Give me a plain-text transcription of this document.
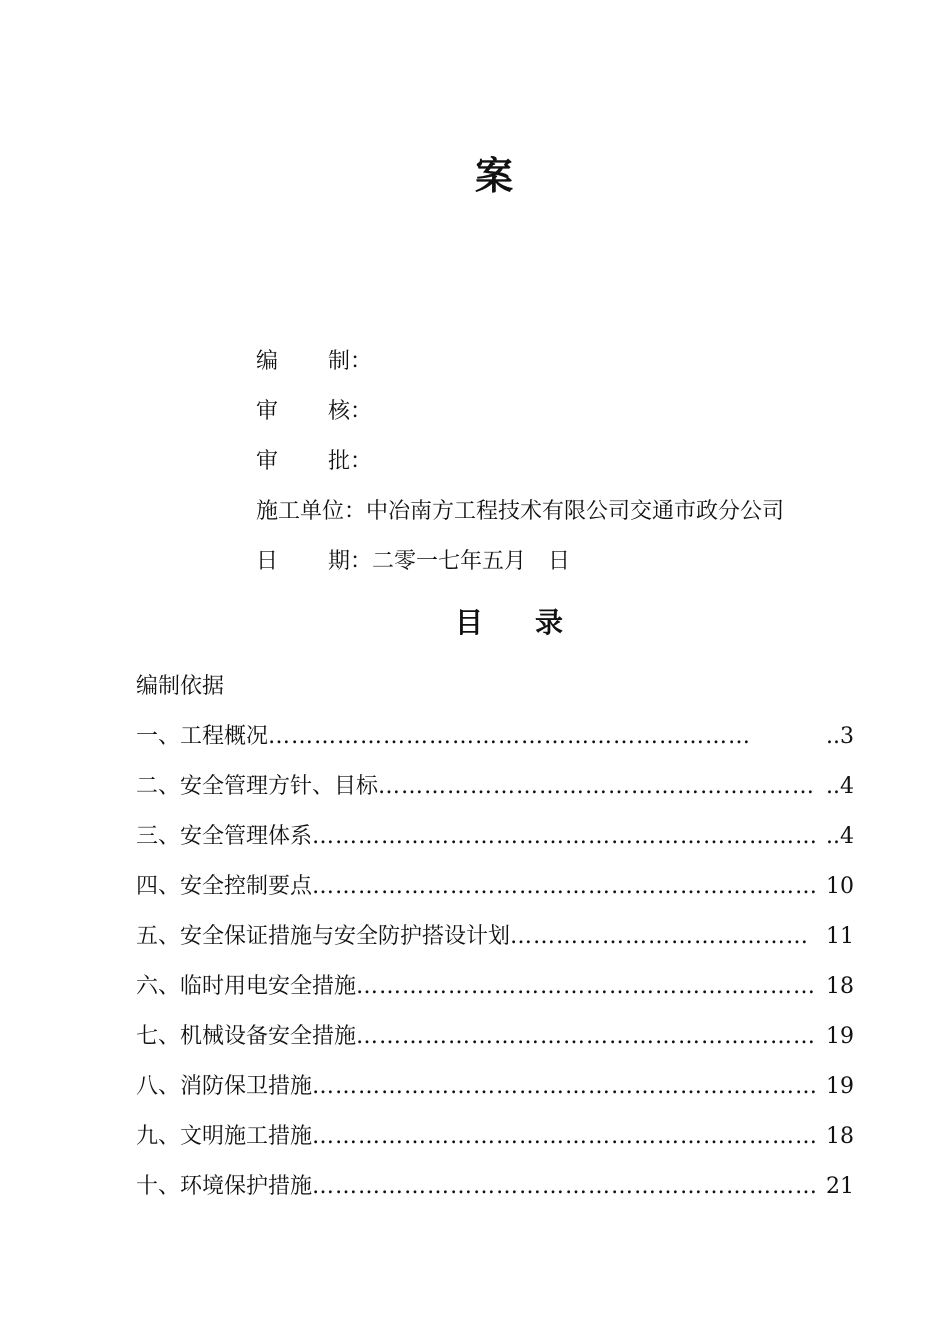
案
编 制：
审 核：
审 批：
施工单位：中冶南方工程技术有限公司交通市政分公司
日 期：二零一七年五月　日
目 录
编制依据
一、工程概况………………………………………………………	..3
二、安全管理方针、目标………………………………………………… ..4
三、安全管理体系………………………………………………………… ..4
四、安全控制要点………………………………………………………… 10
五、安全保证措施与安全防护搭设计划………………………………… 11
六、临时用电安全措施…………………………………………………… 18
七、机械设备安全措施…………………………………………………… 19
八、消防保卫措施………………………………………………………… 19
九、文明施工措施………………………………………………………… 18
十、环境保护措施………………………………………………………… 21
